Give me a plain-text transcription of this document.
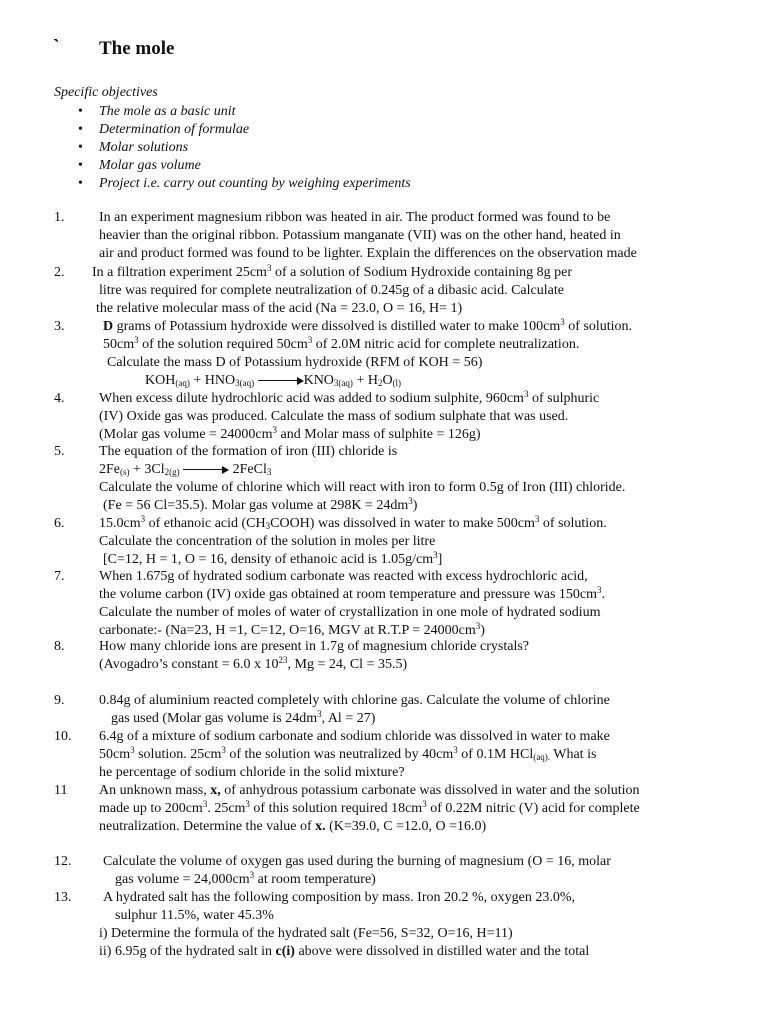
` The mole
Specific objectives
• The mole as a basic unit
• Determination of formulae
• Molar solutions
• Molar gas volume
• Project i.e. carry out counting by weighing experiments
1. In an experiment magnesium ribbon was heated in air. The product formed was found to be
heavier than the original ribbon. Potassium manganate (VII) was on the other hand, heated in
air and product formed was found to be lighter. Explain the differences on the observation made
2. In a filtration experiment $25cm^3$ of a solution of Sodium Hydroxide containing 8g per
litre was required for complete neutralization of 0.245g of a dibasic acid. Calculate
the relative molecular mass of the acid (Na = 23.0, O = 16, H= 1)
3.	D grams of Potassium hydroxide were dissolved is distilled water to make $100cm^3$ of solution.
$50cm^3$ of the solution required $50cm^3$ of 2.0M nitric acid for complete neutralization.
Calculate the mass D of Potassium hydroxide (RFM of KOH = 56)
$KOH_{(aq)} + HNO_{3(aq)}$	$KNO_{3(aq)} + H_2O_{(l)}$
4. When excess dilute hydrochloric acid was added to sodium sulphite, $960cm^3$ of sulphuric
(IV) Oxide gas was produced. Calculate the mass of sodium sulphate that was used.
(Molar gas volume = $24000cm^3$ and Molar mass of sulphite = 126g)
5. The equation of the formation of iron (III) chloride is
$2Fe_{(s)} + 3Cl_{2(g)}$	2FeCl$_3$
Calculate the volume of chlorine which will react with iron to form 0.5g of Iron (III) chloride.
(Fe = 56 Cl=35.5). Molar gas volume at $298K = 24dm^3$)
6. $15.0cm^3$ of ethanoic acid $(CH_3COOH)$ was dissolved in water to make $500cm^3$ of solution.
Calculate the concentration of the solution in moles per litre
[C=12, H = 1, O = 16, density of ethanoic acid is $1.05g/cm^3$]
7. When 1.675g of hydrated sodium carbonate was reacted with excess hydrochloric acid,
the volume carbon (IV) oxide gas obtained at room temperature and pressure was $150cm^3$.
Calculate the number of moles of water of crystallization in one mole of hydrated sodium
carbonate:- (Na=23, H =1, C=12, O=16, MGV at $R.T.P = 24000cm^3$)
8. How many chloride ions are present in 1.7g of magnesium chloride crystals?
(Avogadro’s constant = 6.0 x $10^{23}$, Mg = 24, Cl = 35.5)
9. 0.84g of aluminium reacted completely with chlorine gas. Calculate the volume of chlorine
gas used (Molar gas volume is $24dm^3$, Al = 27)
10. 6.4g of a mixture of sodium carbonate and sodium chloride was dissolved in water to make
$50cm^3$ solution. $25cm^3$ of the solution was neutralized by $40cm^3$ of 0.1M HCl$_{(aq).}$ What is
he percentage of sodium chloride in the solid mixture?
11 An unknown mass, x, of anhydrous potassium carbonate was dissolved in water and the solution
made up to $200cm^3$. $25cm^3$ of this solution required $18cm^3$ of 0.22M nitric (V) acid for complete
neutralization. Determine the value of x. (K=39.0, C =12.0, O =16.0)
12. Calculate the volume of oxygen gas used during the burning of magnesium (O = 16, molar
gas volume = $24,000cm^3$ at room temperature)
13. A hydrated salt has the following composition by mass. Iron 20.2 %, oxygen 23.0%,
sulphur 11.5%, water 45.3%
i) Determine the formula of the hydrated salt (Fe=56, S=32, O=16, H=11)
ii) 6.95g of the hydrated salt in c(i) above were dissolved in distilled water and the total
